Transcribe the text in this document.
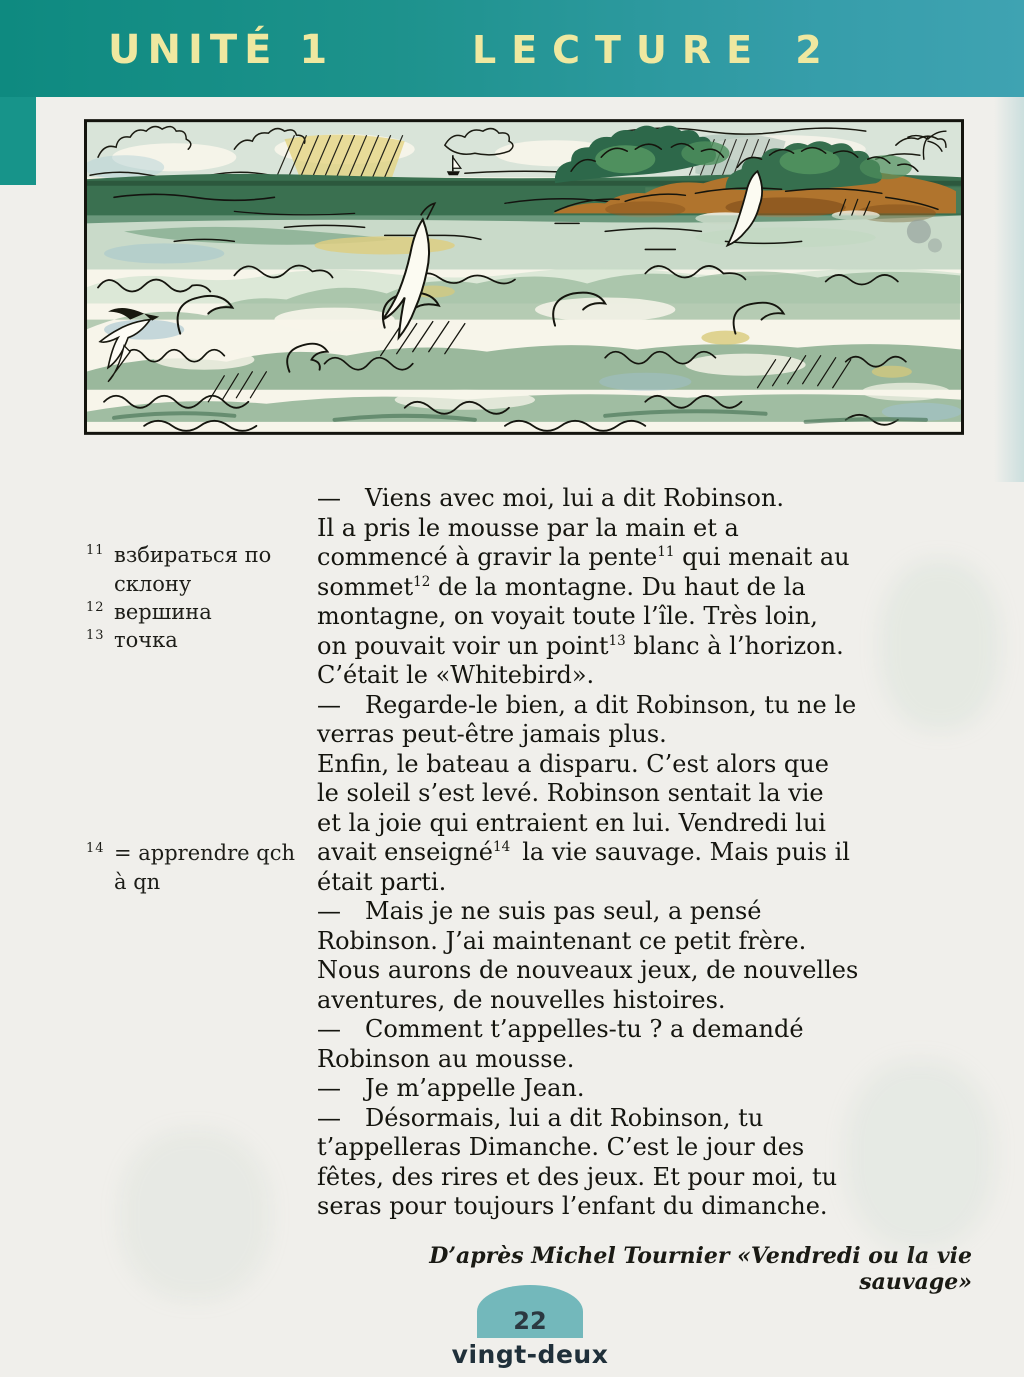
UNITÉ 1	LECTURE 2
11 взбираться по
склону
12 вершина
13 точка
14 = apprendre qch
à qn
— Viens avec moi, lui a dit Robinson.
Il a pris le mousse par la main et a
commencé à gravir la pente$^{11}$ qui menait au
sommet$^{12}$ de la montagne. Du haut de la
montagne, on voyait toute l’île. Très loin,
on pouvait voir un point$^{13}$ blanc à l’horizon.
C’était le «Whitebird».
— Regarde-le bien, a dit Robinson, tu ne le
verras peut-être jamais plus.
Enfin, le bateau a disparu. C’est alors que
le soleil s’est levé. Robinson sentait la vie
et la joie qui entraient en lui. Vendredi lui
avait enseigné$^{14}$ la vie sauvage. Mais puis il
était parti.
— Mais je ne suis pas seul, a pensé
Robinson. J’ai maintenant ce petit frère.
Nous aurons de nouveaux jeux, de nouvelles
aventures, de nouvelles histoires.
— Comment t’appelles-tu ? a demandé
Robinson au mousse.
— Je m’appelle Jean.
— Désormais, lui a dit Robinson, tu
t’appelleras Dimanche. C’est le jour des
fêtes, des rires et des jeux. Et pour moi, tu
seras pour toujours l’enfant du dimanche.
D’après Michel Tournier «Vendredi ou la vie sauvage»
22
vingt-deux
